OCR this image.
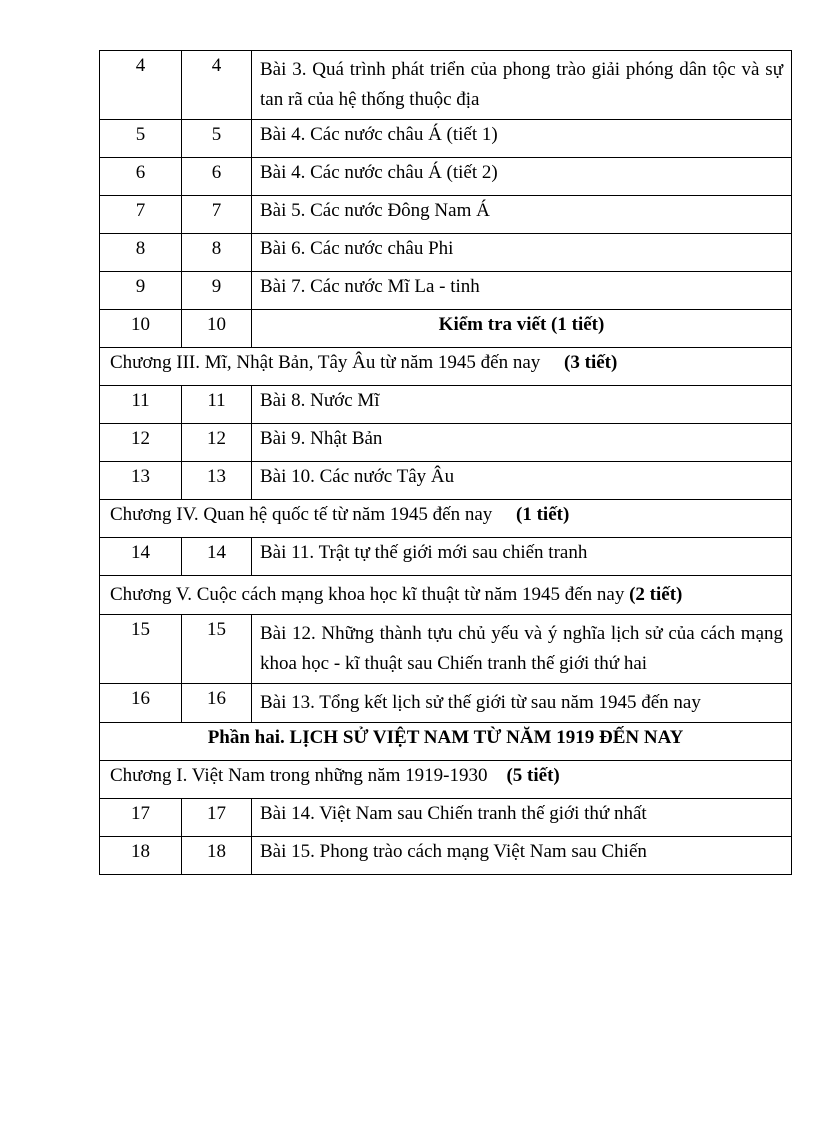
4	4	Bài 3. Quá trình phát triển của phong trào giải phóng dân tộc và sự tan rã của hệ thống thuộc địa
5	5	Bài 4. Các nước châu Á (tiết 1)
6	6	Bài 4. Các nước châu Á (tiết 2)
7	7	Bài 5. Các nước Đông Nam Á
8	8	Bài 6. Các nước châu Phi
9	9	Bài 7. Các nước Mĩ La - tinh
10	10	Kiểm tra viết (1 tiết)
Chương III. Mĩ, Nhật Bản, Tây Âu từ năm 1945 đến nay (3 tiết)		
11	11	Bài 8. Nước Mĩ
12	12	Bài 9. Nhật Bản
13	13	Bài 10. Các nước Tây Âu
Chương IV. Quan hệ quốc tế từ năm 1945 đến nay (1 tiết)		
14	14	Bài 11. Trật tự thế giới mới sau chiến tranh
Chương V. Cuộc cách mạng khoa học kĩ thuật từ năm 1945 đến nay (2 tiết)		
15	15	Bài 12. Những thành tựu chủ yếu và ý nghĩa lịch sử của cách mạng khoa học - kĩ thuật sau Chiến tranh thế giới thứ hai
16	16	Bài 13. Tổng kết lịch sử thế giới từ sau năm 1945 đến nay
Phần hai. LỊCH SỬ VIỆT NAM TỪ NĂM 1919 ĐẾN NAY		
Chương I. Việt Nam trong những năm 1919-1930 (5 tiết)		
17	17	Bài 14. Việt Nam sau Chiến tranh thế giới thứ nhất
18	18	Bài 15. Phong trào cách mạng Việt Nam sau Chiến
